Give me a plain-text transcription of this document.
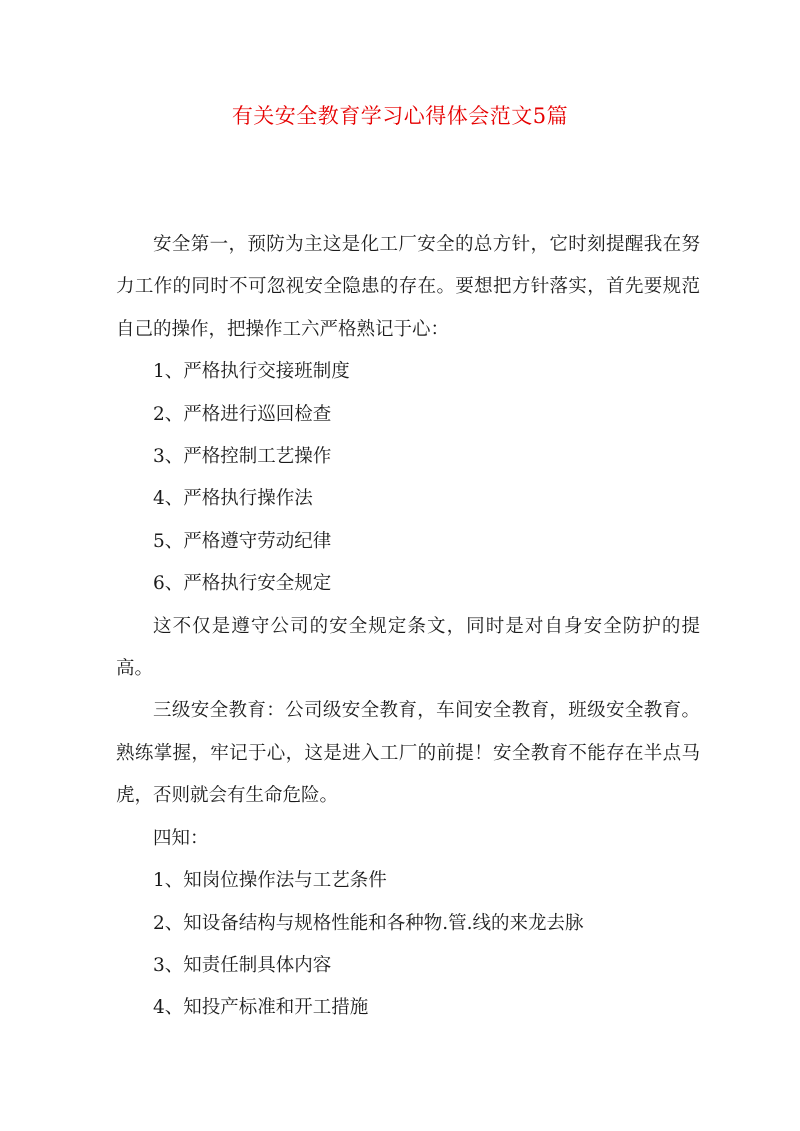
有关安全教育学习心得体会范文5篇

安全第一，预防为主这是化工厂安全的总方针，它时刻提醒我在努力工作的同时不可忽视安全隐患的存在。要想把方针落实，首先要规范自己的操作，把操作工六严格熟记于心：

1、严格执行交接班制度

2、严格进行巡回检查

3、严格控制工艺操作

4、严格执行操作法

5、严格遵守劳动纪律

6、严格执行安全规定

这不仅是遵守公司的安全规定条文，同时是对自身安全防护的提高。

三级安全教育：公司级安全教育，车间安全教育，班级安全教育。熟练掌握，牢记于心，这是进入工厂的前提！安全教育不能存在半点马虎，否则就会有生命危险。

四知：

1、知岗位操作法与工艺条件

2、知设备结构与规格性能和各种物.管.线的来龙去脉

3、知责任制具体内容

4、知投产标准和开工措施
